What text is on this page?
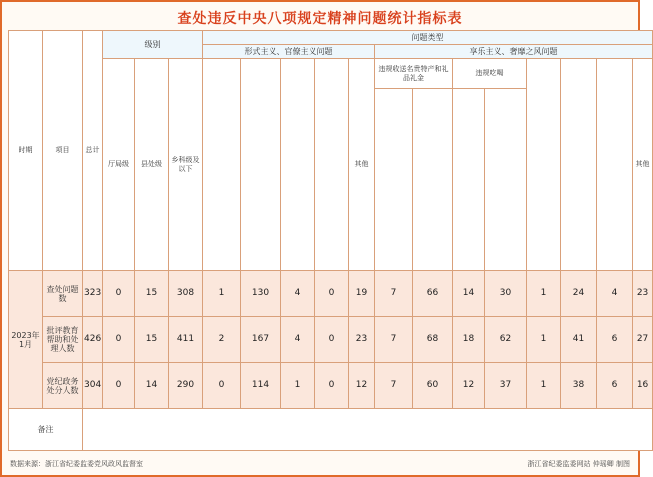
查处违反中央八项规定精神问题统计指标表
时期	项目	总计	级别			问题类型												
						形式主义、官僚主义问题					享乐主义、奢靡之风问题							
			厅局级	县处级	乡科级及以下					其他	违规收送名贵特产和礼品礼金		违规吃喝					其他

2023年1月	查处问题数	323	0	15	308	1	130	4	0	19	7	66	14	30	1	24	4	23
	批评教育帮助和处理人数	426	0	15	411	2	167	4	0	23	7	68	18	62	1	41	6	27
	党纪政务处分人数	304	0	14	290	0	114	1	0	12	7	60	12	37	1	38	6	16
备注																		
数据来源：浙江省纪委监委党风政风监督室	浙江省纪委监委网站 仲瑶卿 制图
